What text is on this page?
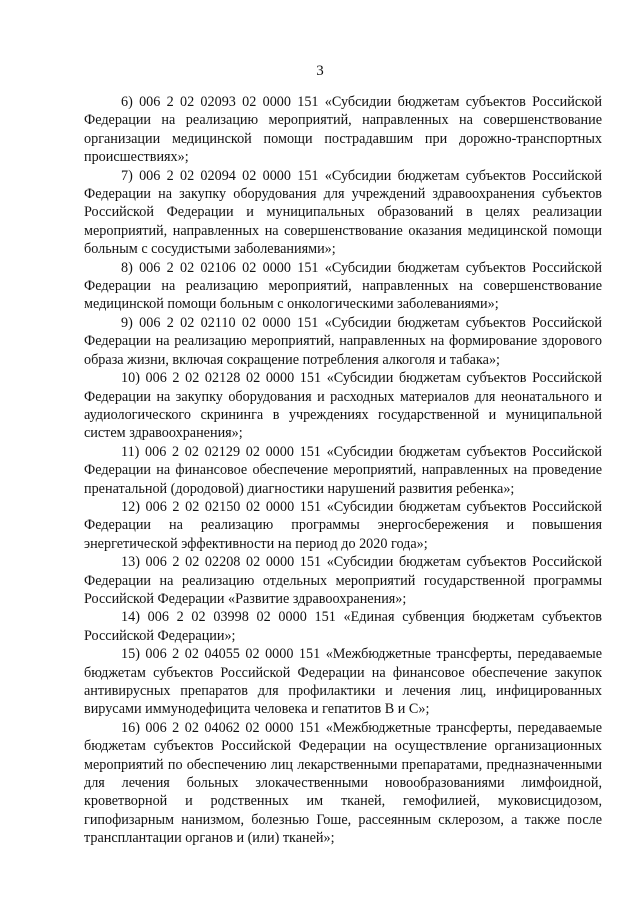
3

6) 006 2 02 02093 02 0000 151 «Субсидии бюджетам субъектов Российской Федерации на реализацию мероприятий, направленных на совершенствование организации медицинской помощи пострадавшим при дорожно-транспортных происшествиях»;

7) 006 2 02 02094 02 0000 151 «Субсидии бюджетам субъектов Российской Федерации на закупку оборудования для учреждений здравоохранения субъектов Российской Федерации и муниципальных образований в целях реализации мероприятий, направленных на совершенствование оказания медицинской помощи больным с сосудистыми заболеваниями»;

8) 006 2 02 02106 02 0000 151 «Субсидии бюджетам субъектов Российской Федерации на реализацию мероприятий, направленных на совершенствование медицинской помощи больным с онкологическими заболеваниями»;

9) 006 2 02 02110 02 0000 151 «Субсидии бюджетам субъектов Российской Федерации на реализацию мероприятий, направленных на формирование здорового образа жизни, включая сокращение потребления алкоголя и табака»;

10) 006 2 02 02128 02 0000 151 «Субсидии бюджетам субъектов Российской Федерации на закупку оборудования и расходных материалов для неонатального и аудиологического скрининга в учреждениях государственной и муниципальной систем здравоохранения»;

11) 006 2 02 02129 02 0000 151 «Субсидии бюджетам субъектов Российской Федерации на финансовое обеспечение мероприятий, направленных на проведение пренатальной (дородовой) диагностики нарушений развития ребенка»;

12) 006 2 02 02150 02 0000 151 «Субсидии бюджетам субъектов Российской Федерации на реализацию программы энергосбережения и повышения энергетической эффективности на период до 2020 года»;

13) 006 2 02 02208 02 0000 151 «Субсидии бюджетам субъектов Российской Федерации на реализацию отдельных мероприятий государственной программы Российской Федерации «Развитие здравоохранения»;

14) 006 2 02 03998 02 0000 151 «Единая субвенция бюджетам субъектов Российской Федерации»;

15) 006 2 02 04055 02 0000 151 «Межбюджетные трансферты, передаваемые бюджетам субъектов Российской Федерации на финансовое обеспечение закупок антивирусных препаратов для профилактики и лечения лиц, инфицированных вирусами иммунодефицита человека и гепатитов В и С»;

16) 006 2 02 04062 02 0000 151 «Межбюджетные трансферты, передаваемые бюджетам субъектов Российской Федерации на осуществление организационных мероприятий по обеспечению лиц лекарственными препаратами, предназначенными для лечения больных злокачественными новообразованиями лимфоидной, кроветворной и родственных им тканей, гемофилией, муковисцидозом, гипофизарным нанизмом, болезнью Гоше, рассеянным склерозом, а также после трансплантации органов и (или) тканей»;
